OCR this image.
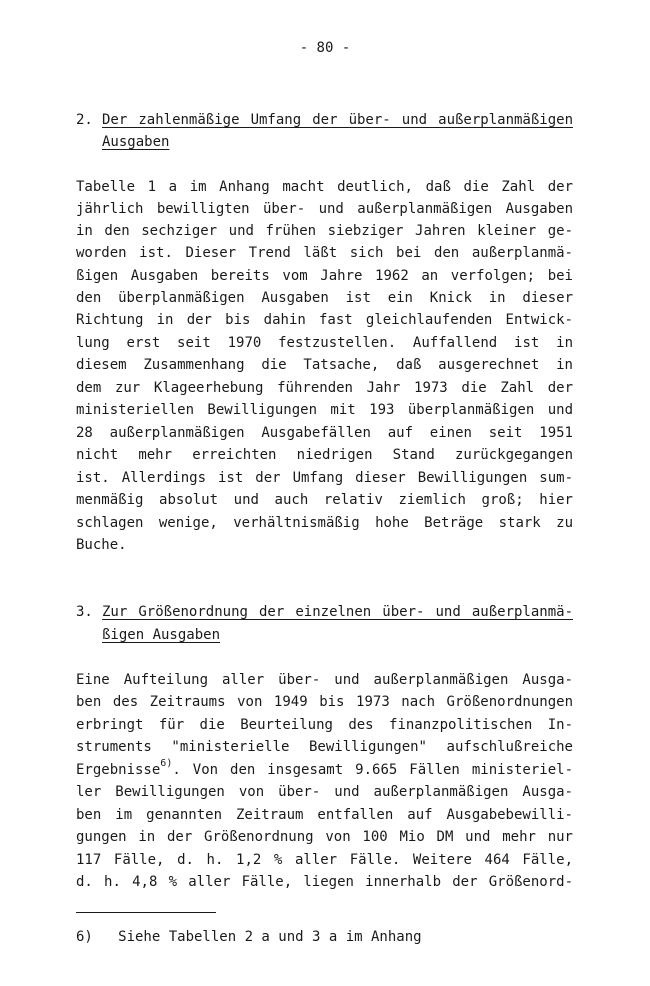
- 80 -
2. Der zahlenmäßige Umfang der über- und außerplanmäßigen
Ausgaben
Tabelle 1 a im Anhang macht deutlich, daß die Zahl der
jährlich bewilligten über- und außerplanmäßigen Ausgaben
in den sechziger und frühen siebziger Jahren kleiner ge-
worden ist. Dieser Trend läßt sich bei den außerplanmä-
ßigen Ausgaben bereits vom Jahre 1962 an verfolgen; bei
den überplanmäßigen Ausgaben ist ein Knick in dieser
Richtung in der bis dahin fast gleichlaufenden Entwick-
lung erst seit 1970 festzustellen. Auffallend ist in
diesem Zusammenhang die Tatsache, daß ausgerechnet in
dem zur Klageerhebung führenden Jahr 1973 die Zahl der
ministeriellen Bewilligungen mit 193 überplanmäßigen und
28 außerplanmäßigen Ausgabefällen auf einen seit 1951
nicht mehr erreichten niedrigen Stand zurückgegangen
ist. Allerdings ist der Umfang dieser Bewilligungen sum-
menmäßig absolut und auch relativ ziemlich groß; hier
schlagen wenige, verhältnismäßig hohe Beträge stark zu
Buche.
3. Zur Größenordnung der einzelnen über- und außerplanmä-
ßigen Ausgaben
Eine Aufteilung aller über- und außerplanmäßigen Ausga-
ben des Zeitraums von 1949 bis 1973 nach Größenordnungen
erbringt für die Beurteilung des finanzpolitischen In-
struments "ministerielle Bewilligungen" aufschlußreiche
Ergebnisse$^{6)}$. Von den insgesamt 9.665 Fällen ministeriel-
ler Bewilligungen von über- und außerplanmäßigen Ausga-
ben im genannten Zeitraum entfallen auf Ausgabebewilli-
gungen in der Größenordnung von 100 Mio DM und mehr nur
117 Fälle, d. h. 1,2 % aller Fälle. Weitere 464 Fälle,
d. h. 4,8 % aller Fälle, liegen innerhalb der Größenord-
6)   Siehe Tabellen 2 a und 3 a im Anhang
